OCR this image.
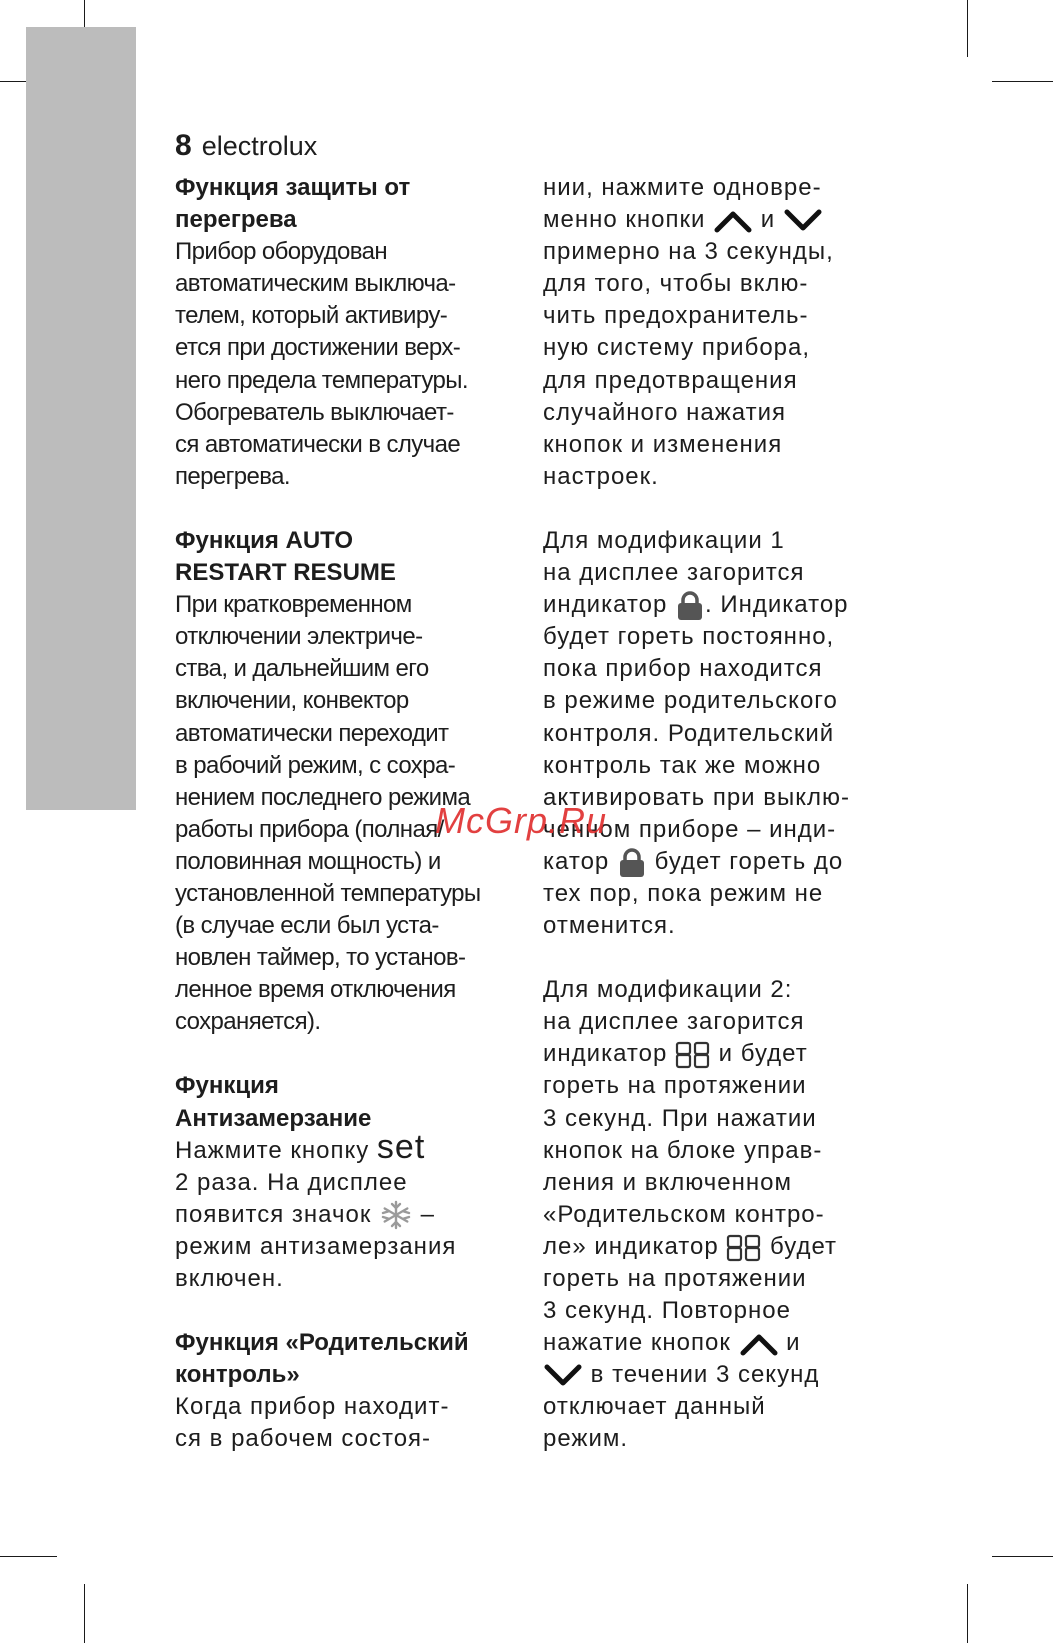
8 electrolux

Функция защиты от

перегрева

Прибор оборудован

автоматическим выключа-

телем, который активиру-

ется при достижении верх-

него предела температуры.

Обогреватель выключает-

ся автоматически в случае

перегрева.

Функция AUTO

RESTART RESUME

При кратковременном

отключении электриче-

ства, и дальнейшим его

включении, конвектор

автоматически переходит

в рабочий режим, с сохра-

нением последнего режима

работы прибора (полная/

половинная мощность) и

установленной температуры

(в случае если был уста-

новлен таймер, то установ-

ленное время отключения

сохраняется).

Функция

Антизамерзание

Нажмите кнопку set

2 раза. На дисплее

появится значок  –

режим антизамерзания

включен.

Функция «Родительский

контроль»

Когда прибор находит-

ся в рабочем состоя-

нии, нажмите одновре-

менно кнопки  и

примерно на 3 секунды,

для того, чтобы вклю-

чить предохранитель-

ную систему прибора,

для предотвращения

случайного нажатия

кнопок и изменения

настроек.

Для модификации 1

на дисплее загорится

индикатор . Индикатор

будет гореть постоянно,

пока прибор находится

в режиме родительского

контроля. Родительский

контроль так же можно

активировать при выклю-

ченном приборе – инди-

катор  будет гореть до

тех пор, пока режим не

отменится.

Для модификации 2:

на дисплее загорится

индикатор  и будет

гореть на протяжении

3 секунд. При нажатии

кнопок на блоке управ-

ления и включенном

«Родительском контро-

ле» индикатор  будет

гореть на протяжении

3 секунд. Повторное

нажатие кнопок  и

в течении 3 секунд

отключает данный

режим.

McGrp.Ru
